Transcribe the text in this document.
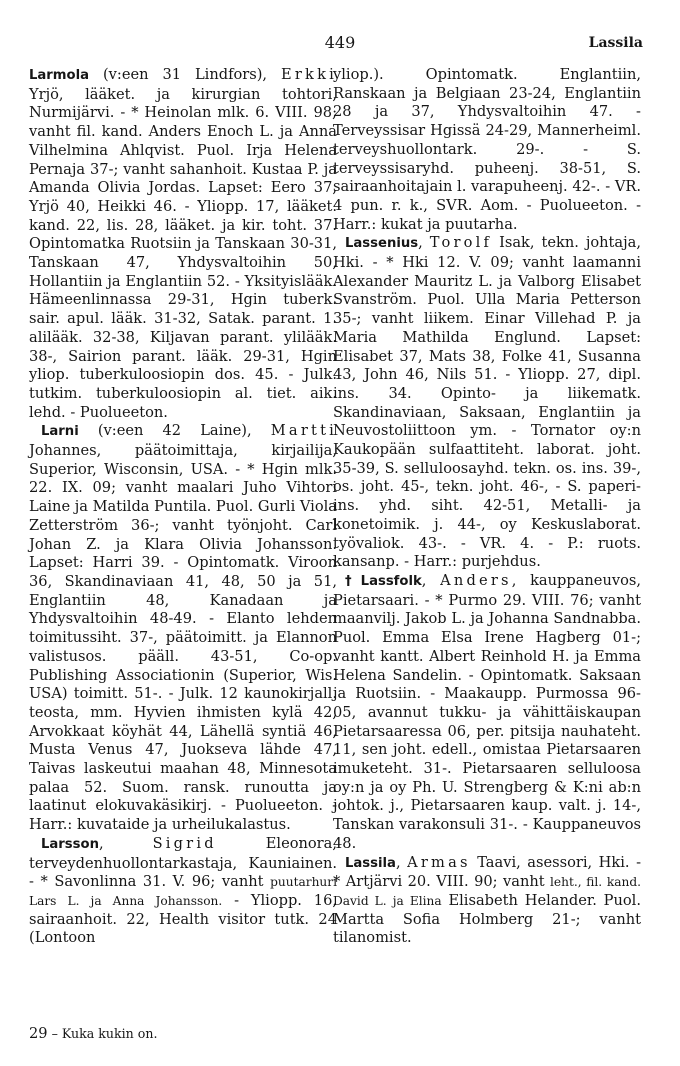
449	Lassila

Larmola (v:een 31 Lindfors), Erkki Yrjö, lääket. ja kirurgian tohtori, Nurmijärvi. - * Heinolan mlk. 6. VIII. 98; vanht fil. kand. Anders Enoch L. ja Anna Vilhelmina Ahlqvist. Puol. Irja Helena Pernaja 37-; vanht sahanhoit. Kustaa P. ja Amanda Olivia Jordas. Lapset: Eero 37, Yrjö 40, Heikki 46. - Yliopp. 17, lääket. kand. 22, lis. 28, lääket. ja kir. toht. 37. Opintomatka Ruotsiin ja Tanskaan 30-31, Tanskaan 47, Yhdysvaltoihin 50, Hollantiin ja Englantiin 52. - Yksityislääk. Hämeenlinnassa 29-31, Hgin tuberk. sair. apul. lääk. 31-32, Satak. parant. 1. alilääk. 32-38, Kiljavan parant. ylilääk. 38-, Sairion parant. lääk. 29-31, Hgin yliop. tuberkuloosiopin dos. 45. - Julk. tutkim. tuberkuloosiopin al. tiet. aik. lehd. - Puolueeton.

Larni (v:een 42 Laine), Martti Johannes, päätoimittaja, kirjailija, Superior, Wisconsin, USA. - * Hgin mlk. 22. IX. 09; vanht maalari Juho Vihtori Laine ja Matilda Puntila. Puol. Gurli Viola Zetterström 36-; vanht työnjoht. Carl Johan Z. ja Klara Olivia Johansson. Lapset: Harri 39. - Opintomatk. Viroon 36, Skandinaviaan 41, 48, 50 ja 51, Englantiin 48, Kanadaan ja Yhdysvaltoihin 48-49. - Elanto lehden toimitussiht. 37-, päätoimitt. ja Elannon valistusos. pääll. 43-51, Co-op. Publishing Associationin (Superior, Wis. USA) toimitt. 51-. - Julk. 12 kaunokirjall. teosta, mm. Hyvien ihmisten kylä 42, Arvokkaat köyhät 44, Lähellä syntiä 46, Musta Venus 47, Juokseva lähde 47, Taivas laskeutui maahan 48, Minnesota palaa 52. Suom. ransk. runoutta ja laatinut elokuvakäsikirj. - Puolueeton. - Harr.: kuvataide ja urheilukalastus.

Larsson, Sigrid Eleonora, terveydenhuollontarkastaja, Kauniainen. - * Savonlinna 31. V. 96; vanht puutarhuri Lars L. ja Anna Johansson. - Yliopp. 16, sairaanhoit. 22, Health visitor tutk. 24 (Lontoon

yliop.). Opintomatk. Englantiin, Ranskaan ja Belgiaan 23-24, Englantiin 28 ja 37, Yhdysvaltoihin 47. - Terveyssisar Hgissä 24-29, Mannerheiml. terveyshuollontark. 29-. - S. terveyssisaryhd. puheenj. 38-51, S. sairaanhoitajain l. varapuheenj. 42-. - VR. 4 pun. r. k., SVR. Aom. - Puolueeton. - Harr.: kukat ja puutarha.

Lassenius, Torolf Isak, tekn. johtaja, Hki. - * Hki 12. V. 09; vanht laamanni Alexander Mauritz L. ja Valborg Elisabet Svanström. Puol. Ulla Maria Petterson 35-; vanht liikem. Einar Villehad P. ja Maria Mathilda Englund. Lapset: Elisabet 37, Mats 38, Folke 41, Susanna 43, John 46, Nils 51. - Yliopp. 27, dipl. ins. 34. Opinto- ja liikematk. Skandinaviaan, Saksaan, Englantiin ja Neuvostoliittoon ym. - Tornator oy:n Kaukopään sulfaattiteht. laborat. joht. 35-39, S. selluloosayhd. tekn. os. ins. 39-, os. joht. 45-, tekn. joht. 46-, - S. paperi-ins. yhd. siht. 42-51, Metalli- ja konetoimik. j. 44-, oy Keskuslaborat. työvaliok. 43-. - VR. 4. - P.: ruots. kansanp. - Harr.: purjehdus.

†Lassfolk, Anders, kauppaneuvos, Pietarsaari. - * Purmo 29. VIII. 76; vanht maanvilj. Jakob L. ja Johanna Sandnabba. Puol. Emma Elsa Irene Hagberg 01-; vanht kantt. Albert Reinhold H. ja Emma Helena Sandelin. - Opintomatk. Saksaan ja Ruotsiin. - Maakaupp. Purmossa 96-05, avannut tukku- ja vähittäiskaupan Pietarsaaressa 06, per. pitsija nauhateht. 11, sen joht. edell., omistaa Pietarsaaren imuketeht. 31-. Pietarsaaren selluloosa oy:n ja oy Ph. U. Strengberg & K:ni ab:n johtok. j., Pietarsaaren kaup. valt. j. 14-, Tanskan varakonsuli 31-. - Kauppaneuvos 48.

Lassila, Armas Taavi, asessori, Hki. - * Artjärvi 20. VIII. 90; vanht leht., fil. kand. David L. ja Elina Elisabeth Helander. Puol. Martta Sofia Holmberg 21-; vanht tilanomist.

29 – Kuka kukin on.
